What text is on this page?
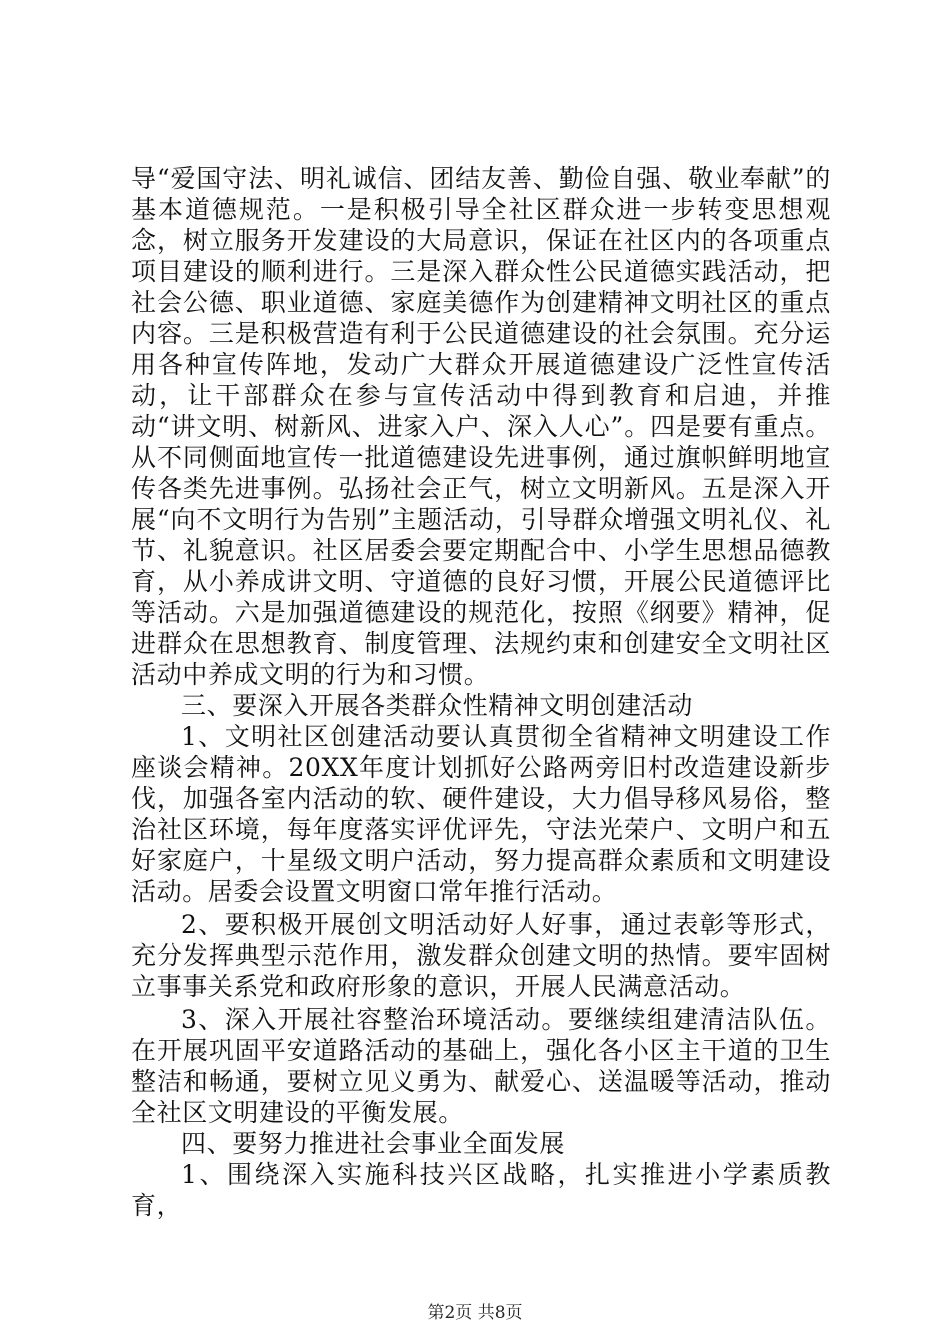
导“爱国守法、明礼诚信、团结友善、勤俭自强、敬业奉献”的基本道德规范。一是积极引导全社区群众进一步转变思想观念，树立服务开发建设的大局意识，保证在社区内的各项重点项目建设的顺利进行。三是深入群众性公民道德实践活动，把社会公德、职业道德、家庭美德作为创建精神文明社区的重点内容。三是积极营造有利于公民道德建设的社会氛围。充分运用各种宣传阵地，发动广大群众开展道德建设广泛性宣传活动，让干部群众在参与宣传活动中得到教育和启迪，并推动“讲文明、树新风、进家入户、深入人心”。四是要有重点。从不同侧面地宣传一批道德建设先进事例，通过旗帜鲜明地宣传各类先进事例。弘扬社会正气，树立文明新风。五是深入开展“向不文明行为告别”主题活动，引导群众增强文明礼仪、礼节、礼貌意识。社区居委会要定期配合中、小学生思想品德教育，从小养成讲文明、守道德的良好习惯，开展公民道德评比等活动。六是加强道德建设的规范化，按照《纲要》精神，促进群众在思想教育、制度管理、法规约束和创建安全文明社区活动中养成文明的行为和习惯。

三、要深入开展各类群众性精神文明创建活动

1、文明社区创建活动要认真贯彻全省精神文明建设工作座谈会精神。20XX年度计划抓好公路两旁旧村改造建设新步伐，加强各室内活动的软、硬件建设，大力倡导移风易俗，整治社区环境，每年度落实评优评先，守法光荣户、文明户和五好家庭户，十星级文明户活动，努力提高群众素质和文明建设活动。居委会设置文明窗口常年推行活动。

2、要积极开展创文明活动好人好事，通过表彰等形式，充分发挥典型示范作用，激发群众创建文明的热情。要牢固树立事事关系党和政府形象的意识，开展人民满意活动。

3、深入开展社容整治环境活动。要继续组建清洁队伍。在开展巩固平安道路活动的基础上，强化各小区主干道的卫生整洁和畅通，要树立见义勇为、献爱心、送温暖等活动，推动全社区文明建设的平衡发展。

四、要努力推进社会事业全面发展

1、围绕深入实施科技兴区战略，扎实推进小学素质教育，

第2页 共8页
